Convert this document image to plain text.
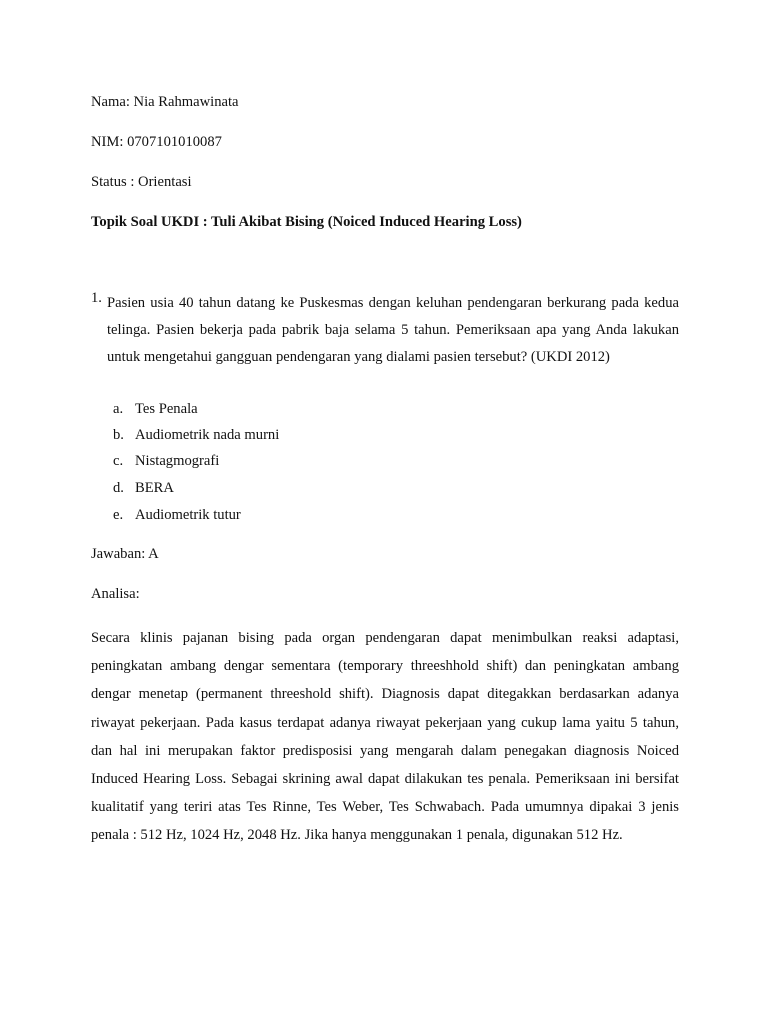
Nama: Nia Rahmawinata
NIM: 0707101010087
Status : Orientasi
Topik Soal UKDI : Tuli Akibat Bising (Noiced Induced Hearing Loss)
1. Pasien usia 40 tahun datang ke Puskesmas dengan keluhan pendengaran berkurang pada kedua telinga. Pasien bekerja pada pabrik baja selama 5 tahun. Pemeriksaan apa yang Anda lakukan untuk mengetahui gangguan pendengaran yang dialami pasien tersebut? (UKDI 2012)
a. Tes Penala
b. Audiometrik nada murni
c. Nistagmografi
d. BERA
e. Audiometrik tutur
Jawaban: A
Analisa:
Secara klinis pajanan bising pada organ pendengaran dapat menimbulkan reaksi adaptasi, peningkatan ambang dengar sementara (temporary threeshhold shift) dan peningkatan ambang dengar menetap (permanent threeshold shift). Diagnosis dapat ditegakkan berdasarkan adanya riwayat pekerjaan. Pada kasus terdapat adanya riwayat pekerjaan yang cukup lama yaitu 5 tahun, dan hal ini merupakan faktor predisposisi yang mengarah dalam penegakan diagnosis Noiced Induced Hearing Loss. Sebagai skrining awal dapat dilakukan tes penala. Pemeriksaan ini bersifat kualitatif yang teriri atas Tes Rinne, Tes Weber, Tes Schwabach. Pada umumnya dipakai 3 jenis penala : 512 Hz, 1024 Hz, 2048 Hz. Jika hanya menggunakan 1 penala, digunakan 512 Hz.
